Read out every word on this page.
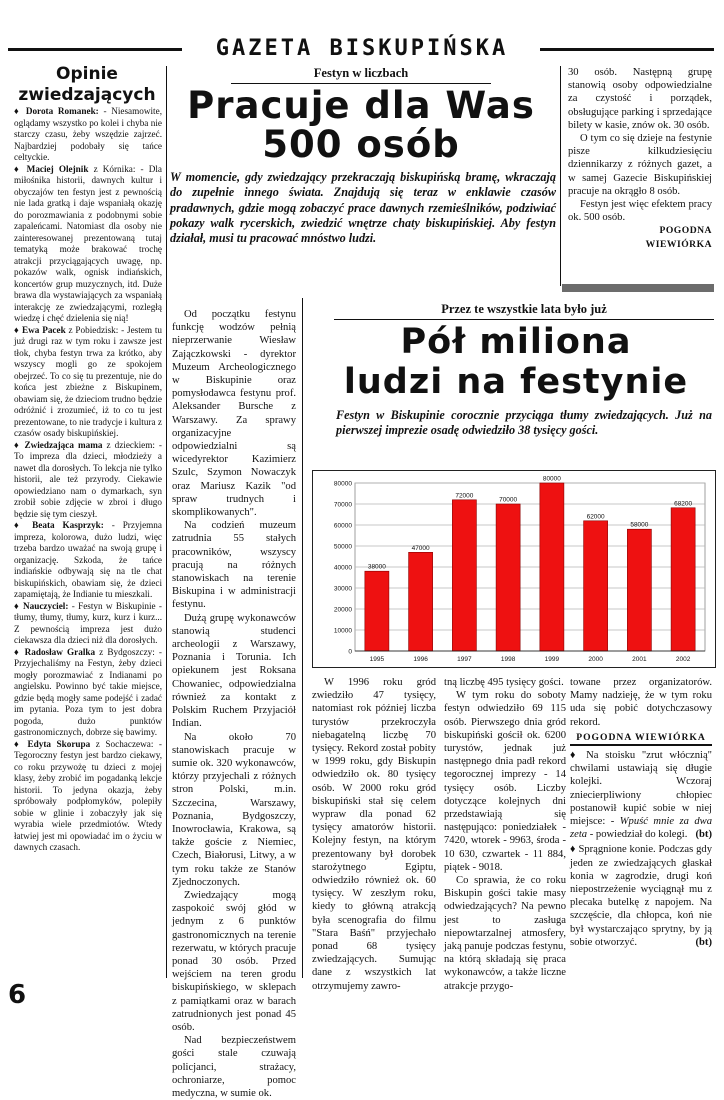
GAZETA BISKUPIŃSKA
Opinie
zwiedzających

♦ Dorota Romanek: - Niesamowite, oglądamy wszystko po kolei i chyba nie starczy czasu, żeby wszędzie zajrzeć. Najbardziej podobały się tańce celtyckie.

♦ Maciej Olejnik z Kórnika: - Dla miłośnika historii, dawnych kultur i obyczajów ten festyn jest z pewnością nie lada gratką i daje wspaniałą okazję do porozmawiania z podobnymi sobie zapaleńcami. Natomiast dla osoby nie zainteresowanej prezentowaną tutaj tematyką może brakować trochę atrakcji przyciągających uwagę, np. pokazów walk, ognisk indiańskich, koncertów grup muzycznych, itd. Duże brawa dla wystawiających za wspaniałą interakcję ze zwiedzającymi, rozległą wiedzę i chęć dzielenia się nią!

♦ Ewa Pacek z Pobiedzisk: - Jestem tu już drugi raz w tym roku i zawsze jest tłok, chyba festyn trwa za krótko, aby wszyscy mogli go ze spokojem obejrzeć. To co się tu prezentuje, nie do końca jest zbieżne z Biskupinem, obawiam się, że dzieciom trudno będzie odróżnić i zrozumieć, iż to co tu jest prezentowane, to nie tradycje i kultura z czasów osady biskupińskiej.

♦ Zwiedzająca mama z dzieckiem: - To impreza dla dzieci, młodzieży a nawet dla dorosłych. To lekcja nie tylko historii, ale też przyrody. Ciekawie opowiedziano nam o dymarkach, syn zrobił sobie zdjęcie w zbroi i długo będzie się tym cieszył.

♦ Beata Kasprzyk: - Przyjemna impreza, kolorowa, dużo ludzi, więc trzeba bardzo uważać na swoją grupę i organizację. Szkoda, że tańce indiańskie odbywają się na tle chat biskupińskich, obawiam się, że dzieci zapamiętają, że Indianie tu mieszkali.

♦ Nauczyciel: - Festyn w Biskupinie - tłumy, tłumy, tłumy, kurz, kurz i kurz... Z pewnością impreza jest dużo ciekawsza dla dzieci niż dla dorosłych.

♦ Radosław Gralka z Bydgoszczy: - Przyjechaliśmy na Festyn, żeby dzieci mogły porozmawiać z Indianami po angielsku. Powinno być takie miejsce, gdzie będą mogły same podejść i zadać im pytania. Poza tym to jest dobra pogoda, dużo punktów gastronomicznych, dobrze się bawimy.

♦ Edyta Skorupa z Sochaczewa: - Tegoroczny festyn jest bardzo ciekawy, co roku przywożę tu dzieci z mojej klasy, żeby zrobić im pogadanką lekcje historii. To jedyna okazja, żeby spróbowały podpłomyków, polepiły sobie w glinie i zobaczyły jak się wyrabia wiele przedmiotów. Wtedy łatwiej jest mi opowiadać im o życiu w dawnych czasach.

Festyn w liczbach
Pracuje dla Was
500 osób
W momencie, gdy zwiedzający przekraczają biskupińską bramę, wkraczają do zupełnie innego świata. Znajdują się teraz w enklawie czasów pradawnych, gdzie mogą zobaczyć prace dawnych rzemieślników, podziwiać pokazy walk rycerskich, zwiedzić wnętrze chaty biskupińskiej. Aby festyn działał, musi tu pracować mnóstwo ludzi.

Od początku festynu funkcję wodzów pełnią nieprzerwanie Wiesław Zajączkowski - dyrektor Muzeum Archeologicznego w Biskupinie oraz pomysłodawca festynu prof. Aleksander Bursche z Warszawy. Za sprawy organizacyjne odpowiedzialni są wicedyrektor Kazimierz Szulc, Szymon Nowaczyk oraz Mariusz Kazik "od spraw trudnych i skomplikowanych".

Na codzień muzeum zatrudnia 55 stałych pracowników, wszyscy pracują na różnych stanowiskach na terenie Biskupina i w administracji festynu.

Dużą grupę wykonawców stanowią studenci archeologii z Warszawy, Poznania i Torunia. Ich opiekunem jest Roksana Chowaniec, odpowiedzialna również za kontakt z Polskim Ruchem Przyjaciół Indian.

Na około 70 stanowiskach pracuje w sumie ok. 320 wykonawców, którzy przyjechali z różnych stron Polski, m.in. Szczecina, Warszawy, Poznania, Bydgoszczy, Inowrocławia, Krakowa, są także goście z Niemiec, Czech, Białorusi, Litwy, a w tym roku także ze Stanów Zjednoczonych.

Zwiedzający mogą zaspokoić swój głód w jednym z 6 punktów gastronomicznych na terenie rezerwatu, w których pracuje ponad 30 osób. Przed wejściem na teren grodu biskupińskiego, w sklepach z pamiątkami oraz w barach zatrudnionych jest ponad 45 osób.

Nad bezpieczeństwem gości stale czuwają policjanci, strażacy, ochroniarze, pomoc medyczna, w sumie ok.

30 osób. Następną grupę stanowią osoby odpowiedzialne za czystość i porządek, obsługujące parking i sprzedające bilety w kasie, znów ok. 30 osób.

O tym co się dzieje na festynie pisze kilkudziesięciu dziennikarzy z różnych gazet, a w samej Gazecie Biskupińskiej pracuje na okrągło 8 osób.

Festyn jest więc efektem pracy ok. 500 osób.

POGODNA
WIEWIÓRKA
Przez te wszystkie lata było już
Pół miliona
ludzi na festynie
Festyn w Biskupinie corocznie przyciąga tłumy zwiedzających. Już na pierwszej imprezie osadę odwiedziło 38 tysięcy gości.
0
10000
20000
30000
40000
50000
60000
70000
80000
38000
1995
47000
1996
72000
1997
70000
1998
80000
1999
62000
2000
58000
2001
68200
2002
W 1996 roku gród zwiedziło 47 tysięcy, natomiast rok później liczba turystów przekroczyła niebagatelną liczbę 70 tysięcy. Rekord został pobity w 1999 roku, gdy Biskupin odwiedziło ok. 80 tysięcy osób. W 2000 roku gród biskupiński stał się celem wypraw dla ponad 62 tysięcy amatorów historii. Kolejny festyn, na którym prezentowany był dorobek starożytnego Egiptu, odwiedziło również ok. 60 tysięcy. W zeszłym roku, kiedy to główną atrakcją była scenografia do filmu "Stara Baśń" przyjechało ponad 68 tysięcy zwiedzających. Sumując dane z wszystkich lat otrzymujemy zawro-

tną liczbę 495 tysięcy gości.

W tym roku do soboty festyn odwiedziło 69 115 osób. Pierwszego dnia gród biskupiński gościł ok. 6200 turystów, jednak już następnego dnia padł rekord tegorocznej imprezy - 14 tysięcy osób. Liczby dotyczące kolejnych dni przedstawiają się następująco: poniedziałek - 7420, wtorek - 9963, środa - 10 630, czwartek - 11 884, piątek - 9018.

Co sprawia, że co roku Biskupin gości takie masy odwiedzających? Na pewno jest to zasługa niepowtarzalnej atmosfery, jaką panuje podczas festynu, na którą składają się praca wykonawców, a także liczne atrakcje przygo-

towane przez organizatorów. Mamy nadzieję, że w tym roku uda się pobić dotychczasowy rekord.

POGODNA WIEWIÓRKA

♦ Na stoisku "zrut włócznią" chwilami ustawiają się długie kolejki. Wczoraj zniecierpliwiony chłopiec postanowił kupić sobie w niej miejsce: - Wpuść mnie za dwa zeta - powiedział do kolegi. (bt)

♦ Sprągnione konie. Podczas gdy jeden ze zwiedzających głaskał konia w zagrodzie, drugi koń niepostrzeżenie wyciągnął mu z plecaka butelkę z napojem. Na szczęście, dla chłopca, koń nie był wystarczająco sprytny, by ją sobie otworzyć.	(bt)

6
